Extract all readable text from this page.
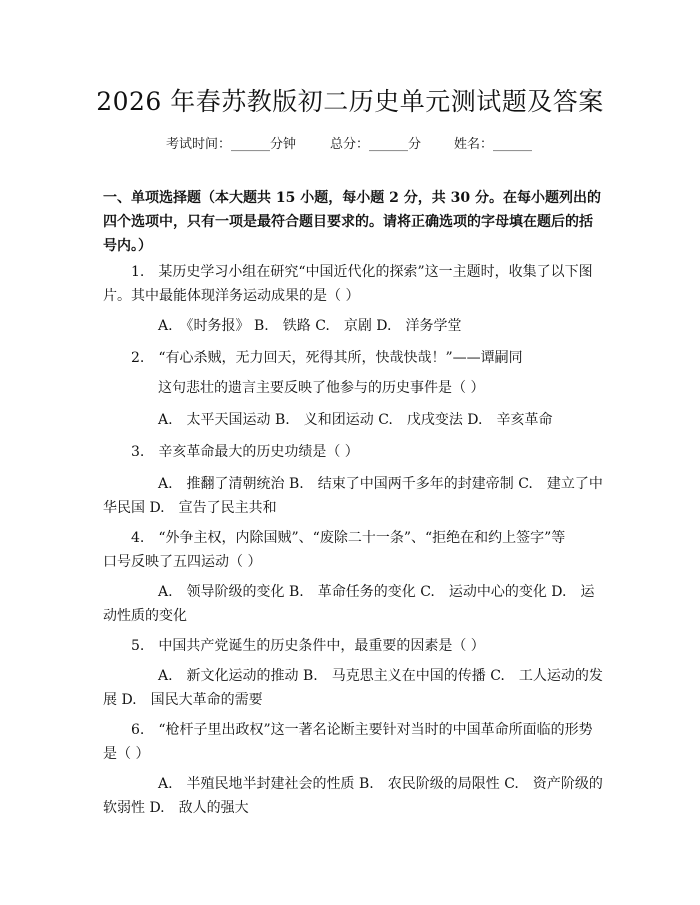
2026 年春苏教版初二历史单元测试题及答案
考试时间：______分钟	总分：______分	姓名：______
一、单项选择题（本大题共 15 小题，每小题 2 分，共 30 分。在每小题列出的四个选项中，只有一项是最符合题目要求的。请将正确选项的字母填在题后的括号内。）
1.　某历史学习小组在研究“中国近代化的探索”这一主题时，收集了以下图
片。其中最能体现洋务运动成果的是（ ）
A.　《时务报》 B.　铁路 C.　京剧 D.　洋务学堂
2.　“有心杀贼，无力回天，死得其所，快哉快哉！”——谭嗣同
这句悲壮的遗言主要反映了他参与的历史事件是（ ）
A.　太平天国运动 B.　义和团运动 C.　戊戌变法 D.　辛亥革命
3.　辛亥革命最大的历史功绩是（ ）
A.　推翻了清朝统治 B.　结束了中国两千多年的封建帝制 C.　建立了中
华民国 D.　宣告了民主共和
4.　“外争主权，内除国贼”、“废除二十一条”、“拒绝在和约上签字”等
口号反映了五四运动（ ）
A.　领导阶级的变化 B.　革命任务的变化 C.　运动中心的变化 D.　运
动性质的变化
5.　中国共产党诞生的历史条件中，最重要的因素是（ ）
A.　新文化运动的推动 B.　马克思主义在中国的传播 C.　工人运动的发
展 D.　国民大革命的需要
6.　“枪杆子里出政权”这一著名论断主要针对当时的中国革命所面临的形势
是（ ）
A.　半殖民地半封建社会的性质 B.　农民阶级的局限性 C.　资产阶级的
软弱性 D.　敌人的强大
